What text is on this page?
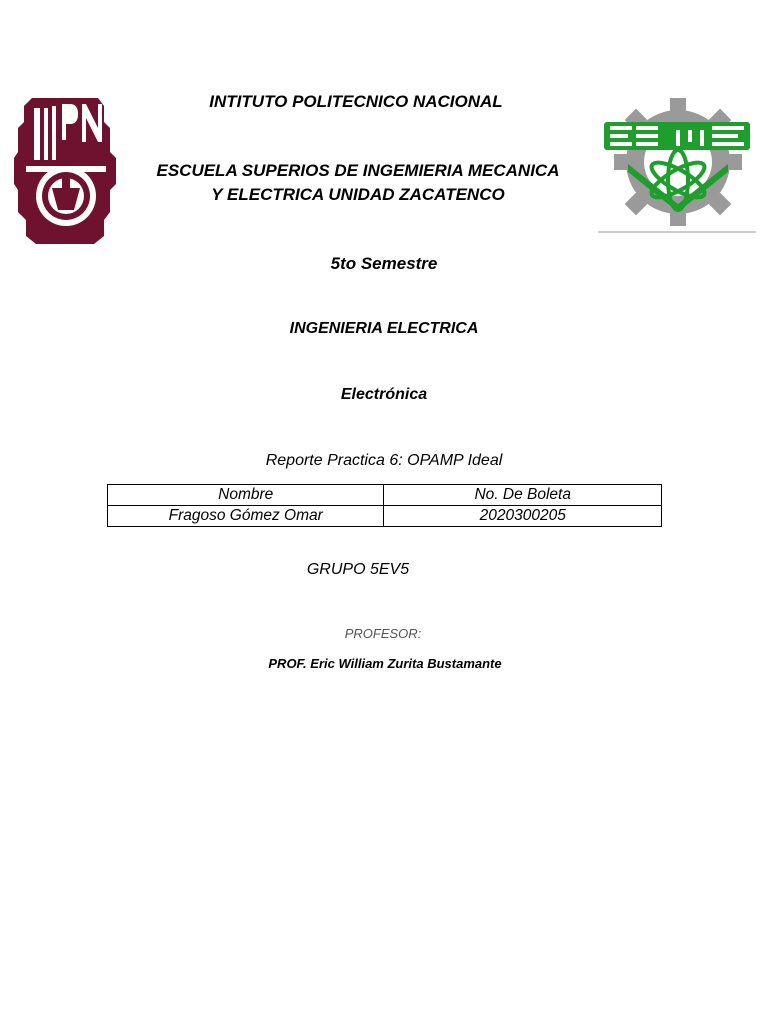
INTITUTO POLITECNICO NACIONAL
ESCUELA SUPERIOS DE INGEMIERIA MECANICA
Y ELECTRICA UNIDAD ZACATENCO
5to Semestre
INGENIERIA ELECTRICA
Electrónica
Reporte Practica 6: OPAMP Ideal
Nombre	No. De Boleta
Fragoso Gómez Omar	2020300205
GRUPO 5EV5
PROFESOR:
PROF. Eric William Zurita Bustamante
